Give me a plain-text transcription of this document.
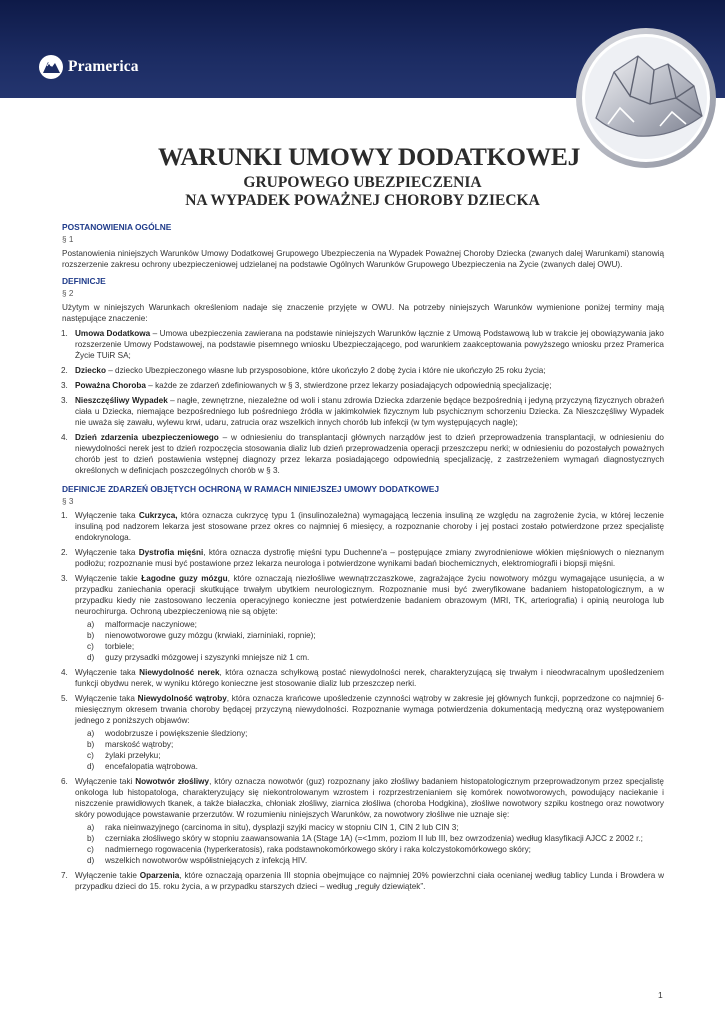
Pramerica
WARUNKI UMOWY DODATKOWEJ
GRUPOWEGO UBEZPIECZENIA
NA WYPADEK POWAŻNEJ CHOROBY DZIECKA
POSTANOWIENIA OGÓLNE
§ 1

Postanowienia niniejszych Warunków Umowy Dodatkowej Grupowego Ubezpieczenia na Wypadek Poważnej Choroby Dziecka (zwanych dalej Warunkami) stanowią rozszerzenie zakresu ochrony ubezpieczeniowej udzielanej na podstawie Ogólnych Warunków Grupowego Ubezpieczenia na Życie (zwanych dalej OWU).

DEFINICJE
§ 2

Użytym w niniejszych Warunkach określeniom nadaje się znaczenie przyjęte w OWU. Na potrzeby niniejszych Warunków wymienione poniżej terminy mają następujące znaczenie:

1. Umowa Dodatkowa – Umowa ubezpieczenia zawierana na podstawie niniejszych Warunków łącznie z Umową Podstawową lub w trakcie jej obowiązywania jako rozszerzenie Umowy Podstawowej, na podstawie pisemnego wniosku Ubezpieczającego, pod warunkiem zaakceptowania powyższego wniosku przez Pramerica Życie TUiR SA;
2. Dziecko – dziecko Ubezpieczonego własne lub przysposobione, które ukończyło 2 dobę życia i które nie ukończyło 25 roku życia;
3. Poważna Choroba – każde ze zdarzeń zdefiniowanych w § 3, stwierdzone przez lekarzy posiadających odpowiednią specjalizację;
3. Nieszczęśliwy Wypadek – nagłe, zewnętrzne, niezależne od woli i stanu zdrowia Dziecka zdarzenie będące bezpośrednią i jedyną przyczyną fizycznych obrażeń ciała u Dziecka, niemające bezpośredniego lub pośredniego źródła w jakimkolwiek fizycznym lub psychicznym schorzeniu Dziecka. Za Nieszczęśliwy Wypadek nie uważa się zawału, wylewu krwi, udaru, zatrucia oraz wszelkich innych chorób lub infekcji (w tym występujących nagle);
4. Dzień zdarzenia ubezpieczeniowego – w odniesieniu do transplantacji głównych narządów jest to dzień przeprowadzenia transplantacji, w odniesieniu do niewydolności nerek jest to dzień rozpoczęcia stosowania dializ lub dzień przeprowadzenia operacji przeszczepu nerki; w odniesieniu do pozostałych poważnych chorób jest to dzień postawienia wstępnej diagnozy przez lekarza posiadającego odpowiednią specjalizację, z zastrzeżeniem wymagań diagnostycznych określonych w definicjach poszczególnych chorób w § 3.
DEFINICJE ZDARZEŃ OBJĘTYCH OCHRONĄ W RAMACH NINIEJSZEJ UMOWY DODATKOWEJ
§ 3
1. Wyłączenie taka Cukrzyca, która oznacza cukrzycę typu 1 (insulinozależna) wymagającą leczenia insuliną ze względu na zagrożenie życia, w której leczenie insuliną pod nadzorem lekarza jest stosowane przez okres co najmniej 6 miesięcy, a rozpoznanie choroby i jej postaci zostało potwierdzone przez specjalistę endokrynologa.
2. Wyłączenie taka Dystrofia mięśni, która oznacza dystrofię mięśni typu Duchenne'a – postępujące zmiany zwyrodnieniowe włókien mięśniowych o nieznanym podłożu; rozpoznanie musi być postawione przez lekarza neurologa i potwierdzone wynikami badań biochemicznych, elektromiografii i biopsji mięśni.
3. Wyłączenie takie Łagodne guzy mózgu, które oznaczają niezłośliwe wewnątrzczaszkowe, zagrażające życiu nowotwory mózgu wymagające usunięcia, a w przypadku zaniechania operacji skutkujące trwałym ubytkiem neurologicznym. Rozpoznanie musi być zweryfikowane badaniem histopatologicznym, a w przypadku kiedy nie zastosowano leczenia operacyjnego konieczne jest potwierdzenie badaniem obrazowym (MRI, TK, arteriografia) i opinią neurologa lub neurochirurga. Ochroną ubezpieczeniową nie są objęte:
a) malformacje naczyniowe;
b) nienowotworowe guzy mózgu (krwiaki, ziarniniaki, ropnie);
c) torbiele;
d) guzy przysadki mózgowej i szyszynki mniejsze niż 1 cm.
4. Wyłączenie taka Niewydolność nerek, która oznacza schyłkową postać niewydolności nerek, charakteryzującą się trwałym i nieodwracalnym upośledzeniem funkcji obydwu nerek, w wyniku którego konieczne jest stosowanie dializ lub przeszczep nerki.
5. Wyłączenie taka Niewydolność wątroby, która oznacza krańcowe upośledzenie czynności wątroby w zakresie jej głównych funkcji, poprzedzone co najmniej 6-miesięcznym okresem trwania choroby będącej przyczyną niewydolności. Rozpoznanie wymaga potwierdzenia dokumentacją medyczną oraz występowaniem jednego z poniższych objawów:
a) wodobrzusze i powiększenie śledziony;
b) marskość wątroby;
c) żylaki przełyku;
d) encefalopatia wątrobowa.
6. Wyłączenie taki Nowotwór złośliwy, który oznacza nowotwór (guz) rozpoznany jako złośliwy badaniem histopatologicznym przeprowadzonym przez specjalistę onkologa lub histopatologa, charakteryzujący się niekontrolowanym wzrostem i rozprzestrzenianiem się komórek nowotworowych, powodujący naciekanie i niszczenie prawidłowych tkanek, a także białaczka, chłoniak złośliwy, ziarnica złośliwa (choroba Hodgkina), złośliwe nowotwory szpiku kostnego oraz nowotwory skóry powodujące powstawanie przerzutów. W rozumieniu niniejszych Warunków, za nowotwory złośliwe nie uznaje się:
a) raka nieinwazyjnego (carcinoma in situ), dysplazji szyjki macicy w stopniu CIN 1, CIN 2 lub CIN 3;
b) czerniaka złośliwego skóry w stopniu zaawansowania 1A (Stage 1A) (=<1mm, poziom II lub III, bez owrzodzenia) według klasyfikacji AJCC z 2002 r.;
c) nadmiernego rogowacenia (hyperkeratosis), raka podstawnokomórkowego skóry i raka kolczystokomórkowego skóry;
d) wszelkich nowotworów współistniejących z infekcją HIV.
7. Wyłączenie takie Oparzenia, które oznaczają oparzenia III stopnia obejmujące co najmniej 20% powierzchni ciała ocenianej według tablicy Lunda i Browdera w przypadku dzieci do 15. roku życia, a w przypadku starszych dzieci – według „reguły dziewiątek”.
1
